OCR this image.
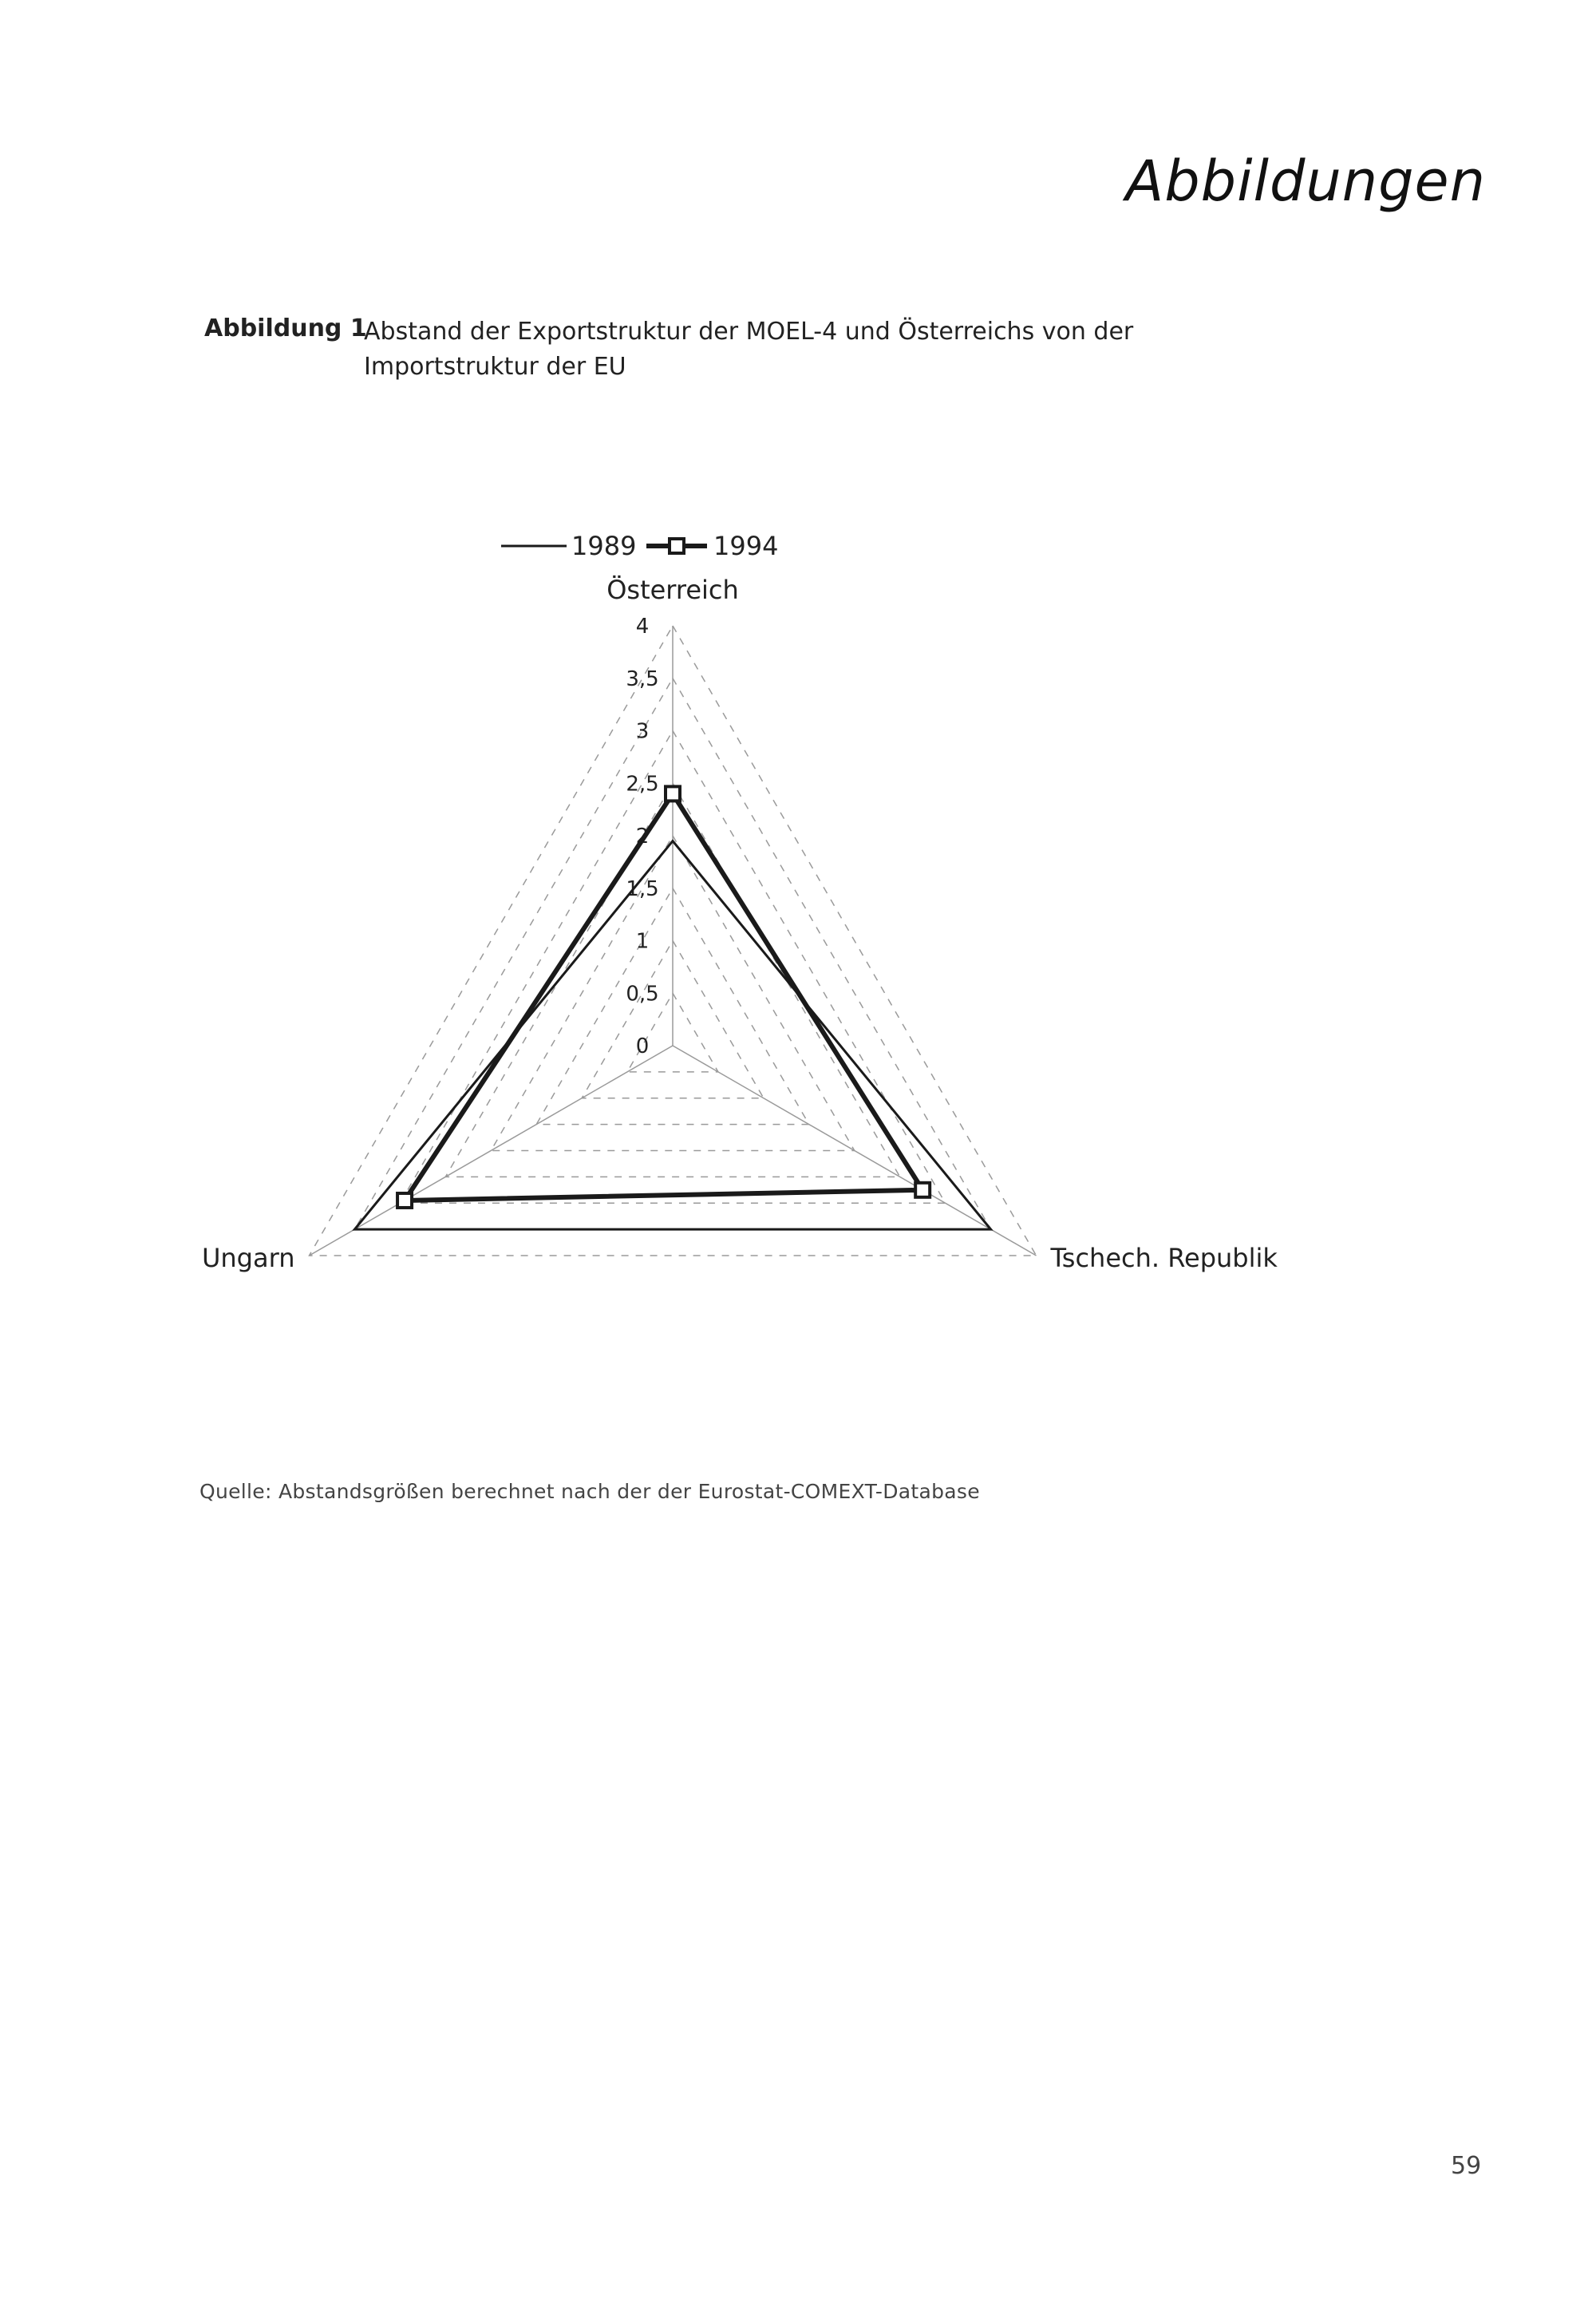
Abbildungen
Abbildung 1
Abstand der Exportstruktur der MOEL-4 und Österreichs von der Importstruktur der EU
0
0,5
1
1,5
2
2,5
3
3,5
4
Österreich
Tschech. Republik
Ungarn
1989	1994
Quelle: Abstandsgrößen berechnet nach der der Eurostat-COMEXT-Database
59
